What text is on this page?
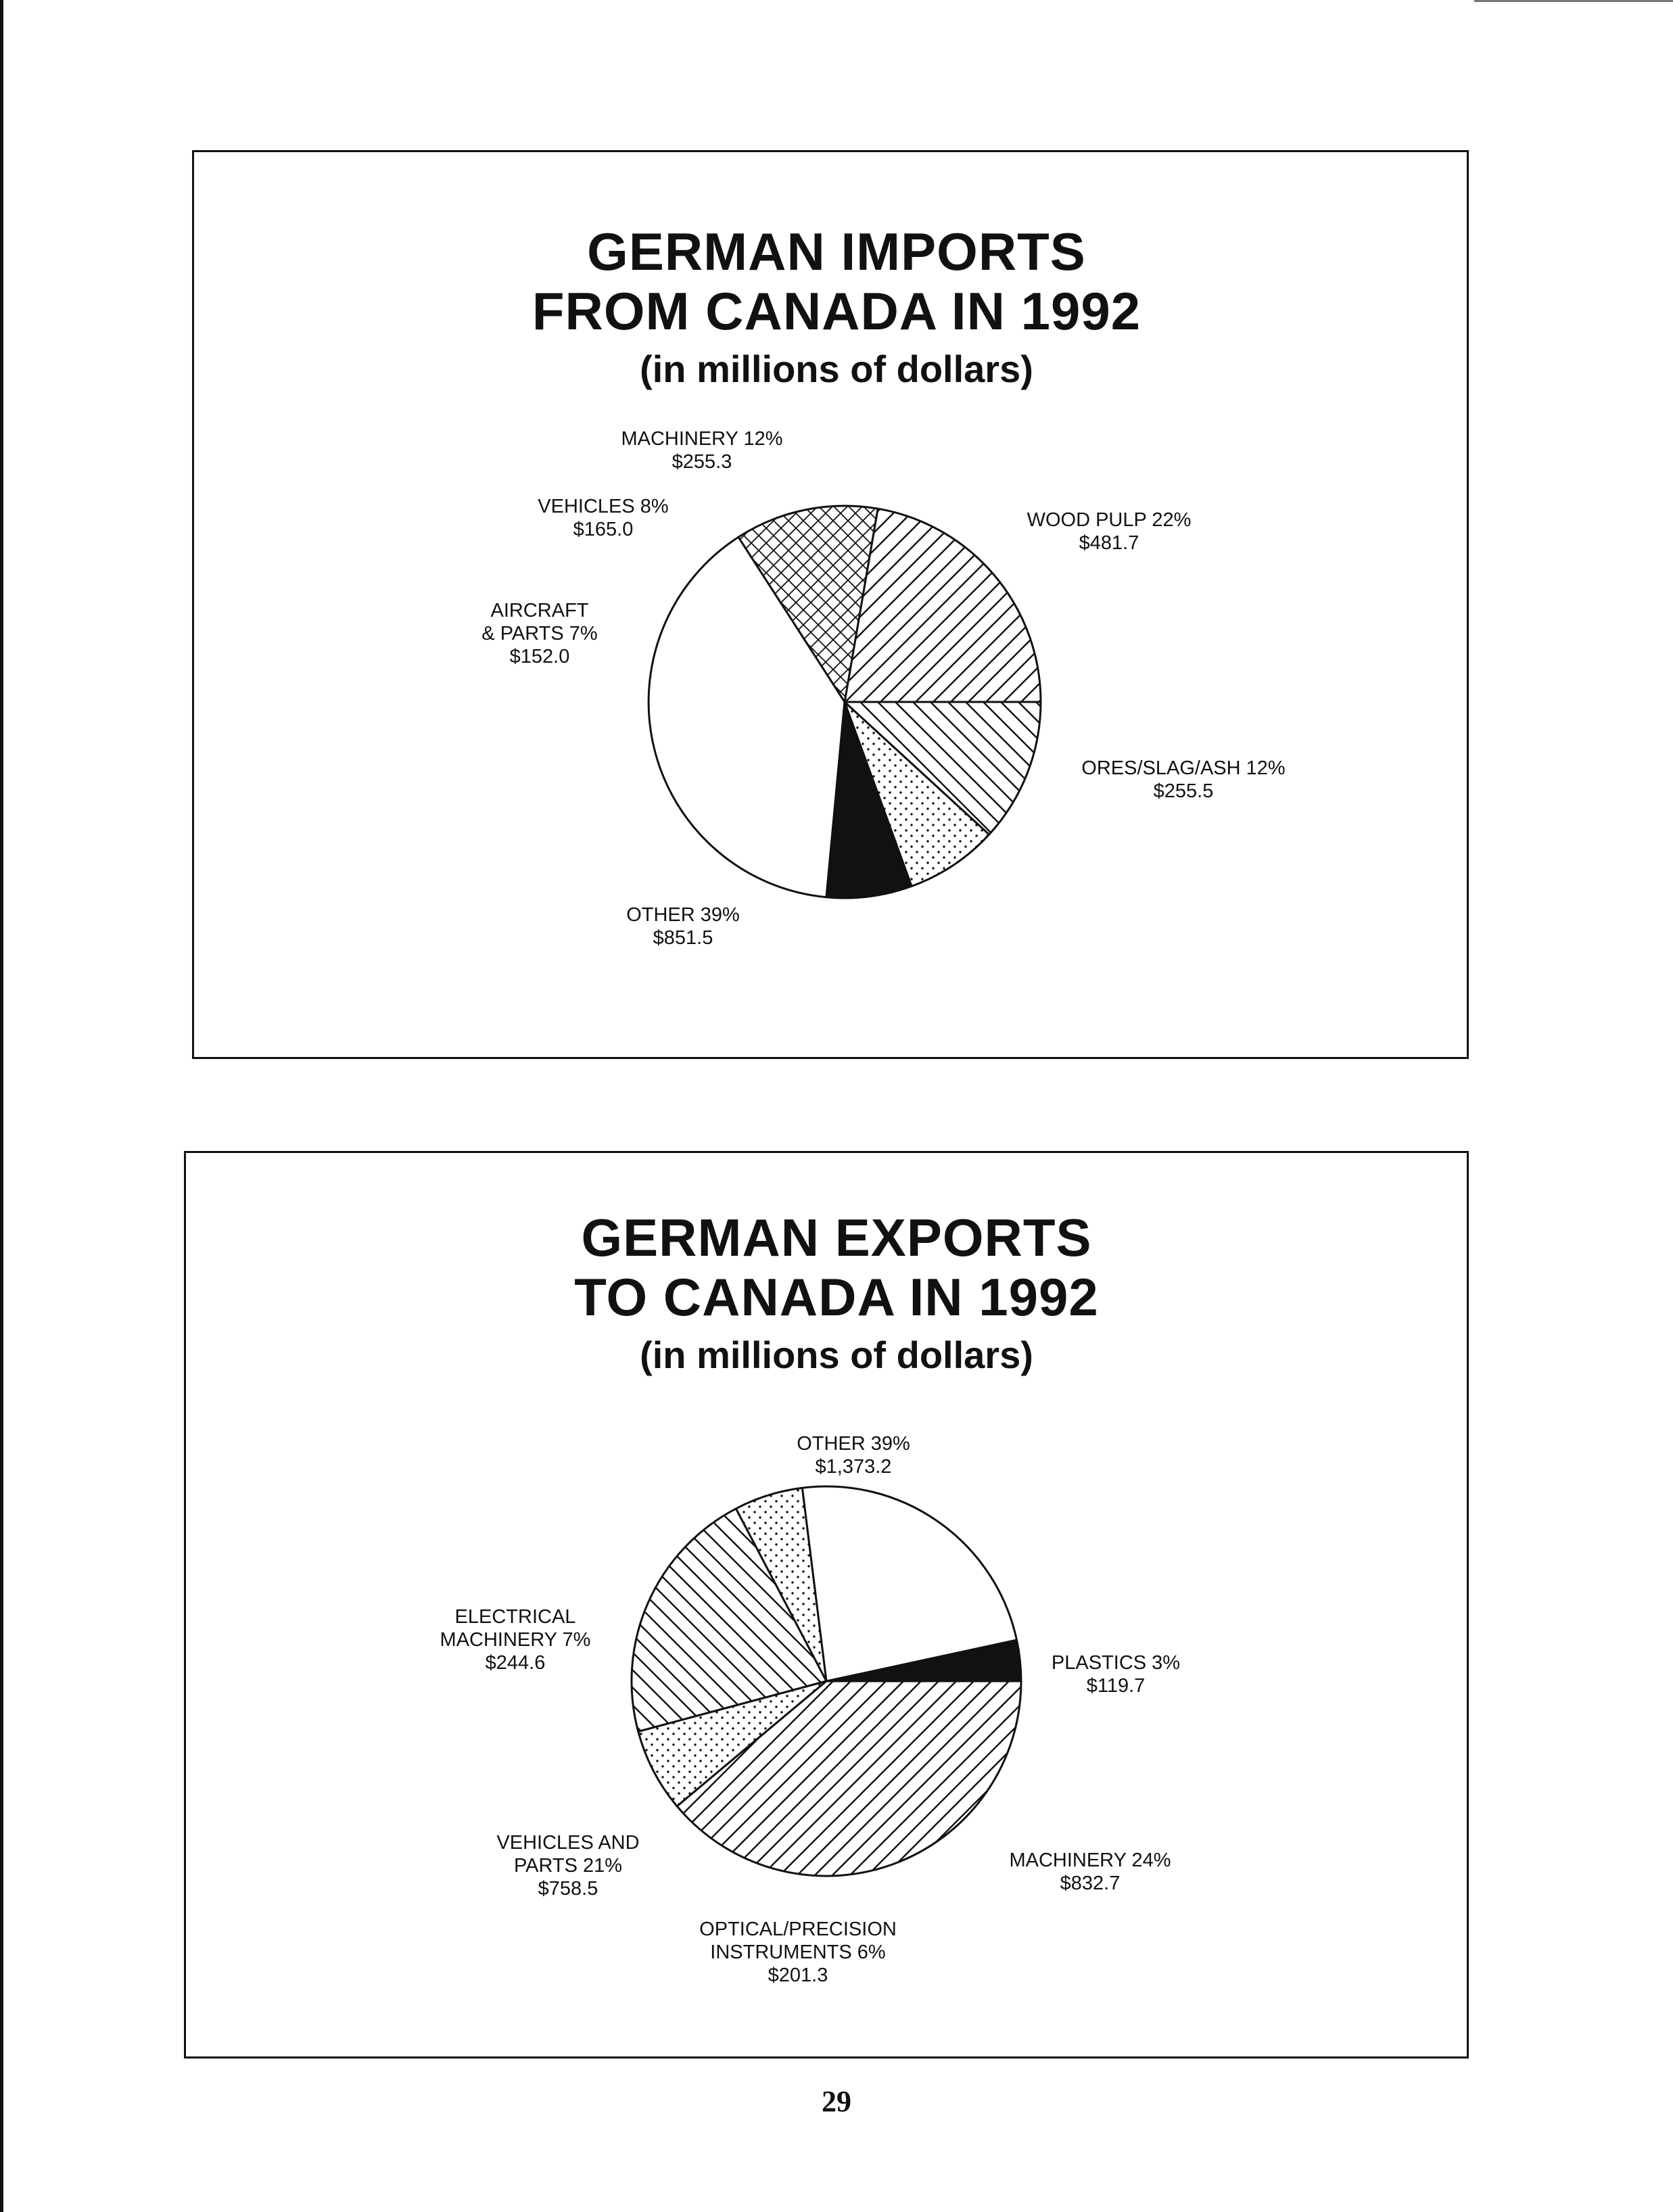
GERMAN IMPORTS
FROM CANADA IN 1992
(in millions of dollars)
WOOD PULP 22% $481.7
ORES/SLAG/ASH 12% $255.5
OTHER 39% $851.5
AIRCRAFT & PARTS 7% $152.0
VEHICLES 8% $165.0
MACHINERY 12% $255.3
GERMAN EXPORTS
TO CANADA IN 1992
(in millions of dollars)
PLASTICS 3% $119.7
MACHINERY 24% $832.7
OPTICAL/PRECISION INSTRUMENTS 6% $201.3
VEHICLES AND PARTS 21% $758.5
ELECTRICAL MACHINERY 7% $244.6
OTHER 39% $1,373.2
29
